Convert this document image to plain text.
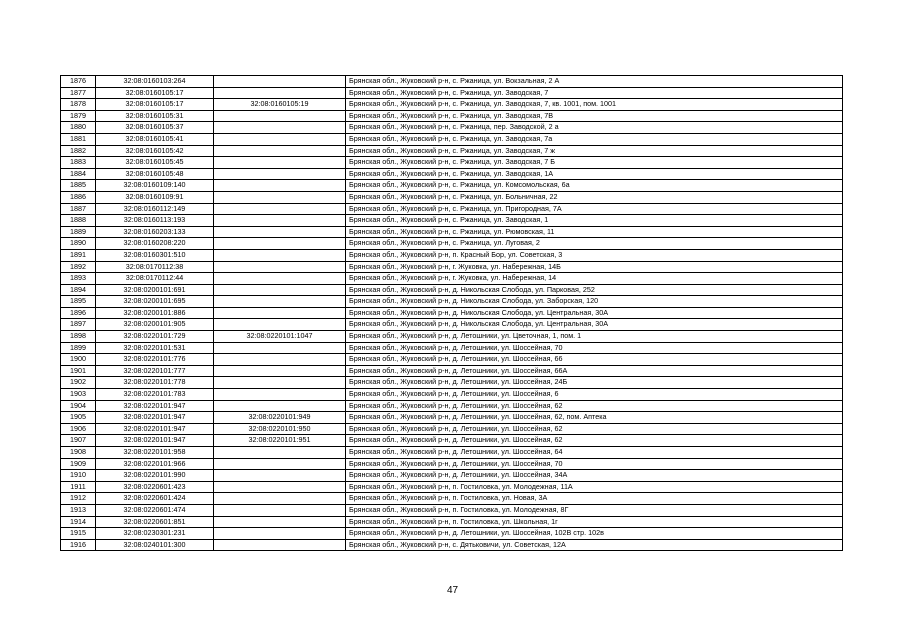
1876	32:08:0160103:264		Брянская обл., Жуковский р-н, с. Ржаница, ул. Вокзальная, 2 А
1877	32:08:0160105:17		Брянская обл., Жуковский р-н, с. Ржаница, ул. Заводская, 7
1878	32:08:0160105:17	32:08:0160105:19	Брянская обл., Жуковский р-н, с. Ржаница, ул. Заводская, 7, кв. 1001, пом. 1001
1879	32:08:0160105:31		Брянская обл., Жуковский р-н, с. Ржаница, ул. Заводская, 7В
1880	32:08:0160105:37		Брянская обл., Жуковский р-н, с. Ржаница, пер. Заводской, 2 а
1881	32:08:0160105:41		Брянская обл., Жуковский р-н, с. Ржаница, ул. Заводская, 7а
1882	32:08:0160105:42		Брянская обл., Жуковский р-н, с. Ржаница, ул. Заводская, 7 ж
1883	32:08:0160105:45		Брянская обл., Жуковский р-н, с. Ржаница, ул. Заводская, 7 Б
1884	32:08:0160105:48		Брянская обл., Жуковский р-н, с. Ржаница, ул. Заводская, 1А
1885	32:08:0160109:140		Брянская обл., Жуковский р-н, с. Ржаница, ул. Комсомольская, 6а
1886	32:08:0160109:91		Брянская обл., Жуковский р-н, с. Ржаница, ул. Больничная, 22
1887	32:08:0160112:149		Брянская обл., Жуковский р-н, с. Ржаница, ул. Пригородная, 7А
1888	32:08:0160113:193		Брянская обл., Жуковский р-н, с. Ржаница, ул. Заводская, 1
1889	32:08:0160203:133		Брянская обл., Жуковский р-н, с. Ржаница, ул. Рюмовская, 11
1890	32:08:0160208:220		Брянская обл., Жуковский р-н, с. Ржаница, ул. Луговая, 2
1891	32:08:0160301:510		Брянская обл., Жуковский р-н, п. Красный Бор, ул. Советская, 3
1892	32:08:0170112:38		Брянская обл., Жуковский р-н, г. Жуковка, ул. Набережная, 14Б
1893	32:08:0170112:44		Брянская обл., Жуковский р-н, г. Жуковка, ул. Набережная, 14
1894	32:08:0200101:691		Брянская обл., Жуковский р-н, д. Никольская Слобода, ул. Парковая, 252
1895	32:08:0200101:695		Брянская обл., Жуковский р-н, д. Никольская Слобода, ул. Заборская, 120
1896	32:08:0200101:886		Брянская обл., Жуковский р-н, д. Никольская Слобода, ул. Центральная, 30А
1897	32:08:0200101:905		Брянская обл., Жуковский р-н, д. Никольская Слобода, ул. Центральная, 30А
1898	32:08:0220101:729	32:08:0220101:1047	Брянская обл., Жуковский р-н, д. Летошники, ул. Цветочная, 1, пом. 1
1899	32:08:0220101:531		Брянская обл., Жуковский р-н, д. Летошники, ул. Шоссейная, 70
1900	32:08:0220101:776		Брянская обл., Жуковский р-н, д. Летошники, ул. Шоссейная, 66
1901	32:08:0220101:777		Брянская обл., Жуковский р-н, д. Летошники, ул. Шоссейная, 66А
1902	32:08:0220101:778		Брянская обл., Жуковский р-н, д. Летошники, ул. Шоссейная, 24Б
1903	32:08:0220101:783		Брянская обл., Жуковский р-н, д. Летошники, ул. Шоссейная, 6
1904	32:08:0220101:947		Брянская обл., Жуковский р-н, д. Летошники, ул. Шоссейная, 62
1905	32:08:0220101:947	32:08:0220101:949	Брянская обл., Жуковский р-н, д. Летошники, ул. Шоссейная, 62, пом. Аптека
1906	32:08:0220101:947	32:08:0220101:950	Брянская обл., Жуковский р-н, д. Летошники, ул. Шоссейная, 62
1907	32:08:0220101:947	32:08:0220101:951	Брянская обл., Жуковский р-н, д. Летошники, ул. Шоссейная, 62
1908	32:08:0220101:958		Брянская обл., Жуковский р-н, д. Летошники, ул. Шоссейная, 64
1909	32:08:0220101:966		Брянская обл., Жуковский р-н, д. Летошники, ул. Шоссейная, 70
1910	32:08:0220101:990		Брянская обл., Жуковский р-н, д. Летошники, ул. Шоссейная, 34А
1911	32:08:0220601:423		Брянская обл., Жуковский р-н, п. Гостиловка, ул. Молодежная, 11А
1912	32:08:0220601:424		Брянская обл., Жуковский р-н, п. Гостиловка, ул. Новая, 3А
1913	32:08:0220601:474		Брянская обл., Жуковский р-н, п. Гостиловка, ул. Молодежная, 8Г
1914	32:08:0220601:851		Брянская обл., Жуковский р-н, п. Гостиловка, ул. Школьная, 1г
1915	32:08:0230301:231		Брянская обл., Жуковский р-н, д. Летошники, ул. Шоссейная, 102В стр. 102в
1916	32:08:0240101:300		Брянская обл., Жуковский р-н, с. Дятьковичи, ул. Советская, 12А
47
